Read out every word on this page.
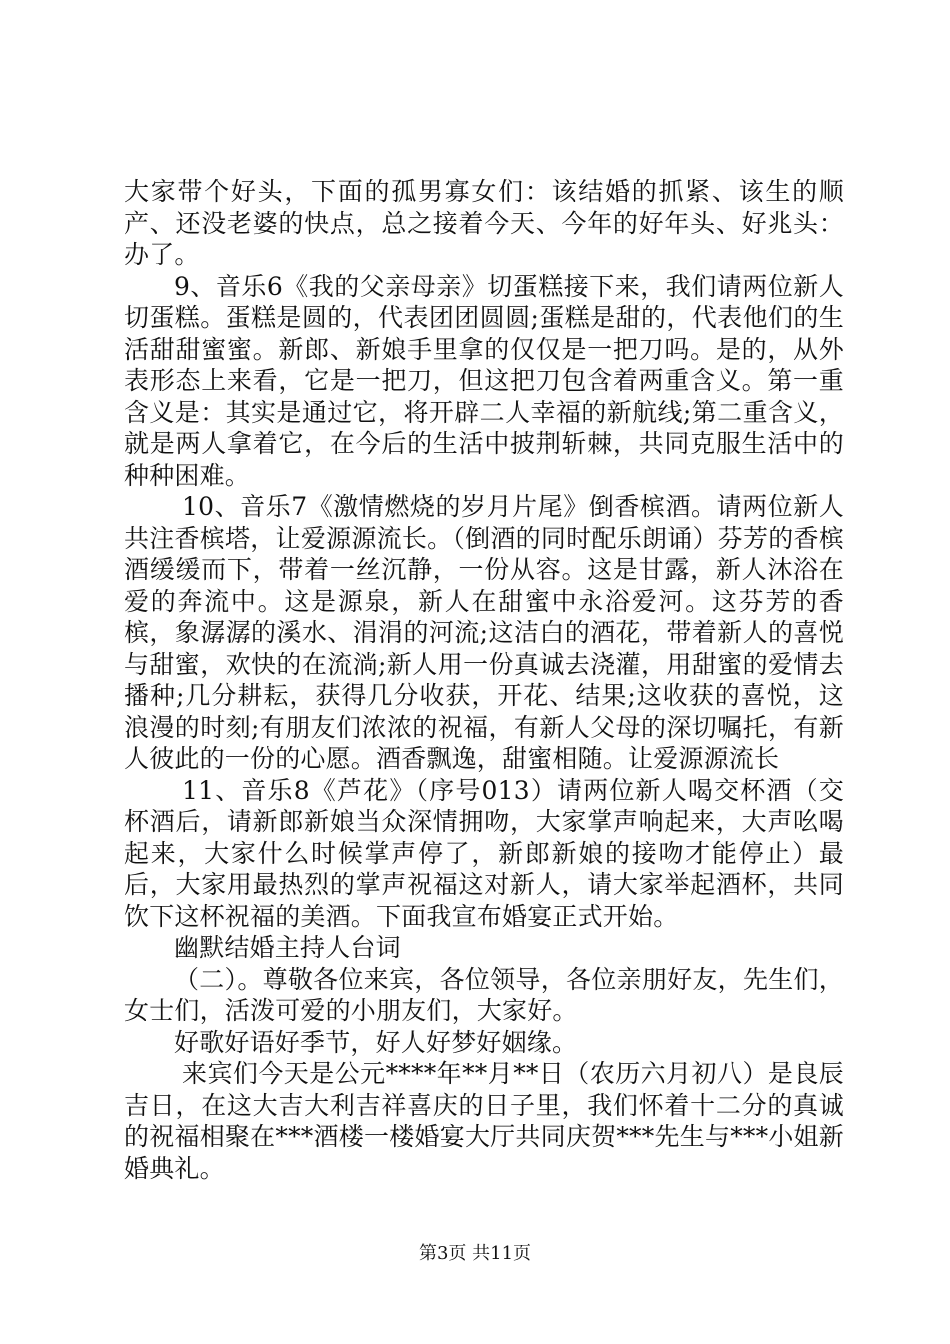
大家带个好头，下面的孤男寡女们：该结婚的抓紧、该生的顺产、还没老婆的快点，总之接着今天、今年的好年头、好兆头：办了。

9、音乐6《我的父亲母亲》切蛋糕接下来，我们请两位新人切蛋糕。蛋糕是圆的，代表团团圆圆;蛋糕是甜的，代表他们的生活甜甜蜜蜜。新郎、新娘手里拿的仅仅是一把刀吗。是的，从外表形态上来看，它是一把刀，但这把刀包含着两重含义。第一重含义是：其实是通过它，将开辟二人幸福的新航线;第二重含义，就是两人拿着它，在今后的生活中披荆斩棘，共同克服生活中的种种困难。

10、音乐7《激情燃烧的岁月片尾》倒香槟酒。请两位新人共注香槟塔，让爱源源流长。（倒酒的同时配乐朗诵）芬芳的香槟酒缓缓而下，带着一丝沉静，一份从容。这是甘露，新人沐浴在爱的奔流中。这是源泉，新人在甜蜜中永浴爱河。这芬芳的香槟，象潺潺的溪水、涓涓的河流;这洁白的酒花，带着新人的喜悦与甜蜜，欢快的在流淌;新人用一份真诚去浇灌，用甜蜜的爱情去播种;几分耕耘，获得几分收获，开花、结果;这收获的喜悦，这浪漫的时刻;有朋友们浓浓的祝福，有新人父母的深切嘱托，有新人彼此的一份的心愿。酒香飘逸，甜蜜相随。让爱源源流长

11、音乐8《芦花》（序号013）请两位新人喝交杯酒（交杯酒后，请新郎新娘当众深情拥吻，大家掌声响起来，大声吆喝起来，大家什么时候掌声停了，新郎新娘的接吻才能停止）最后，大家用最热烈的掌声祝福这对新人，请大家举起酒杯，共同饮下这杯祝福的美酒。下面我宣布婚宴正式开始。

幽默结婚主持人台词

（二）。尊敬各位来宾，各位领导，各位亲朋好友，先生们，女士们，活泼可爱的小朋友们，大家好。

好歌好语好季节，好人好梦好姻缘。

来宾们今天是公元****年**月**日（农历六月初八）是良辰吉日，在这大吉大利吉祥喜庆的日子里，我们怀着十二分的真诚的祝福相聚在***酒楼一楼婚宴大厅共同庆贺***先生与***小姐新婚典礼。

第3页 共11页
